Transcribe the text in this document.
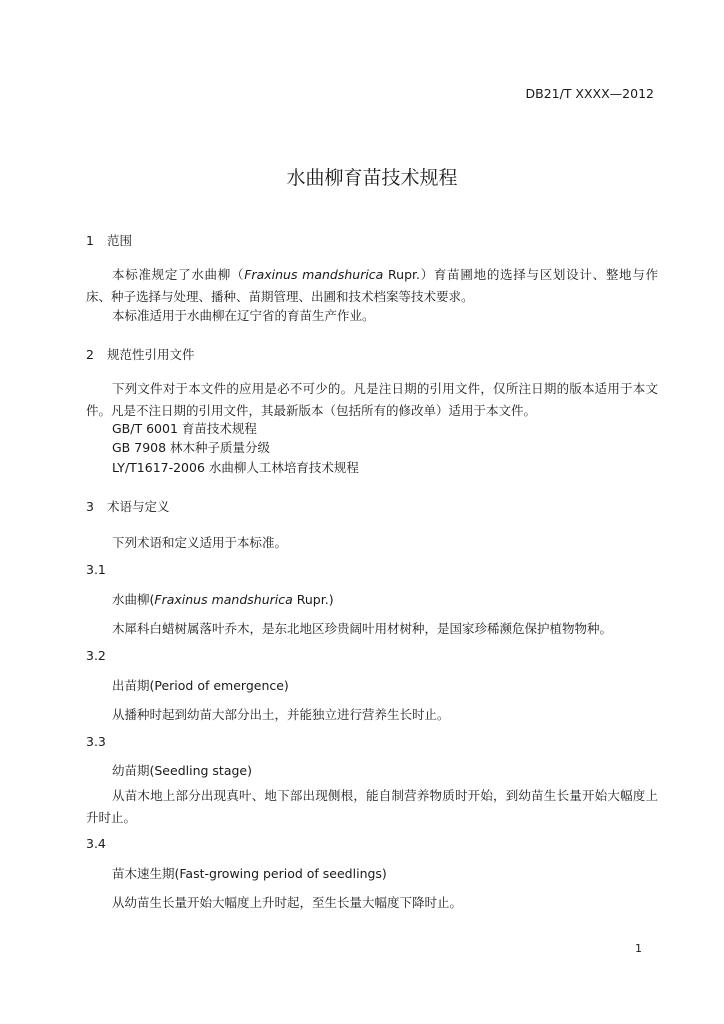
DB21/T XXXX—2012
水曲柳育苗技术规程
1 范围
本标准规定了水曲柳（Fraxinus mandshurica Rupr.）育苗圃地的选择与区划设计、整地与作床、种子选择与处理、播种、苗期管理、出圃和技术档案等技术要求。
本标准适用于水曲柳在辽宁省的育苗生产作业。
2 规范性引用文件
下列文件对于本文件的应用是必不可少的。凡是注日期的引用文件，仅所注日期的版本适用于本文件。凡是不注日期的引用文件，其最新版本（包括所有的修改单）适用于本文件。
GB/T 6001 育苗技术规程
GB 7908 林木种子质量分级
LY/T1617-2006 水曲柳人工林培育技术规程
3 术语与定义
下列术语和定义适用于本标准。
3.1
水曲柳(Fraxinus mandshurica Rupr.)
木犀科白蜡树属落叶乔木，是东北地区珍贵阔叶用材树种，是国家珍稀濒危保护植物物种。
3.2
出苗期(Period of emergence)
从播种时起到幼苗大部分出土，并能独立进行营养生长时止。
3.3
幼苗期(Seedling stage)
从苗木地上部分出现真叶、地下部出现侧根，能自制营养物质时开始，到幼苗生长量开始大幅度上升时止。
3.4
苗木速生期(Fast-growing period of seedlings)
从幼苗生长量开始大幅度上升时起，至生长量大幅度下降时止。
1
